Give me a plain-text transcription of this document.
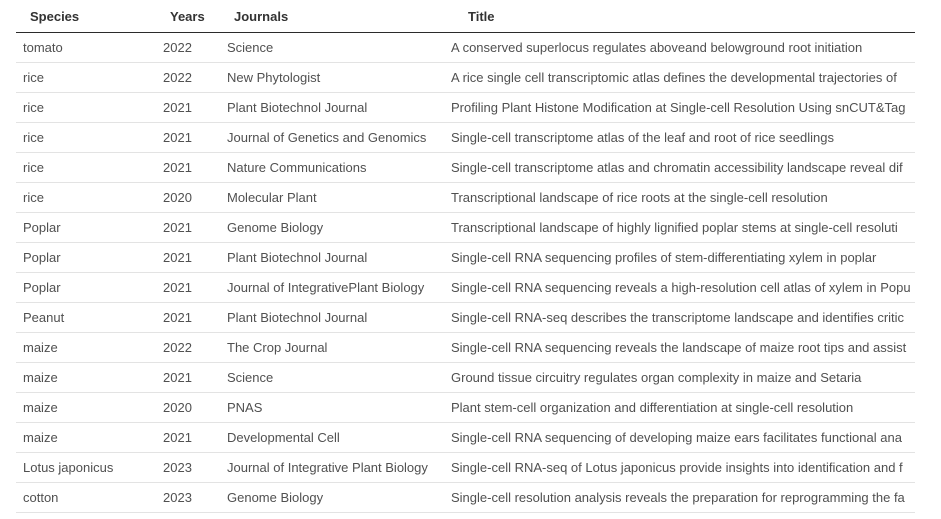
Species	Years	Journals	Title
tomato	2022	Science	A conserved superlocus regulates aboveand belowground root initiation
rice	2022	New Phytologist	A rice single cell transcriptomic atlas defines the developmental trajectories of
rice	2021	Plant Biotechnol Journal	Profiling Plant Histone Modification at Single-cell Resolution Using snCUT&Tag
rice	2021	Journal of Genetics and Genomics	Single-cell transcriptome atlas of the leaf and root of rice seedlings
rice	2021	Nature Communications	Single-cell transcriptome atlas and chromatin accessibility landscape reveal dif
rice	2020	Molecular Plant	Transcriptional landscape of rice roots at the single-cell resolution
Poplar	2021	Genome Biology	Transcriptional landscape of highly lignified poplar stems at single-cell resoluti
Poplar	2021	Plant Biotechnol Journal	Single-cell RNA sequencing profiles of stem-differentiating xylem in poplar
Poplar	2021	Journal of IntegrativePlant Biology	Single-cell RNA sequencing reveals a high-resolution cell atlas of xylem in Popu
Peanut	2021	Plant Biotechnol Journal	Single-cell RNA-seq describes the transcriptome landscape and identifies critic
maize	2022	The Crop Journal	Single-cell RNA sequencing reveals the landscape of maize root tips and assist
maize	2021	Science	Ground tissue circuitry regulates organ complexity in maize and Setaria
maize	2020	PNAS	Plant stem-cell organization and differentiation at single-cell resolution
maize	2021	Developmental Cell	Single-cell RNA sequencing of developing maize ears facilitates functional ana
Lotus japonicus	2023	Journal of Integrative Plant Biology	Single-cell RNA-seq of Lotus japonicus provide insights into identification and f
cotton	2023	Genome Biology	Single-cell resolution analysis reveals the preparation for reprogramming the fa
